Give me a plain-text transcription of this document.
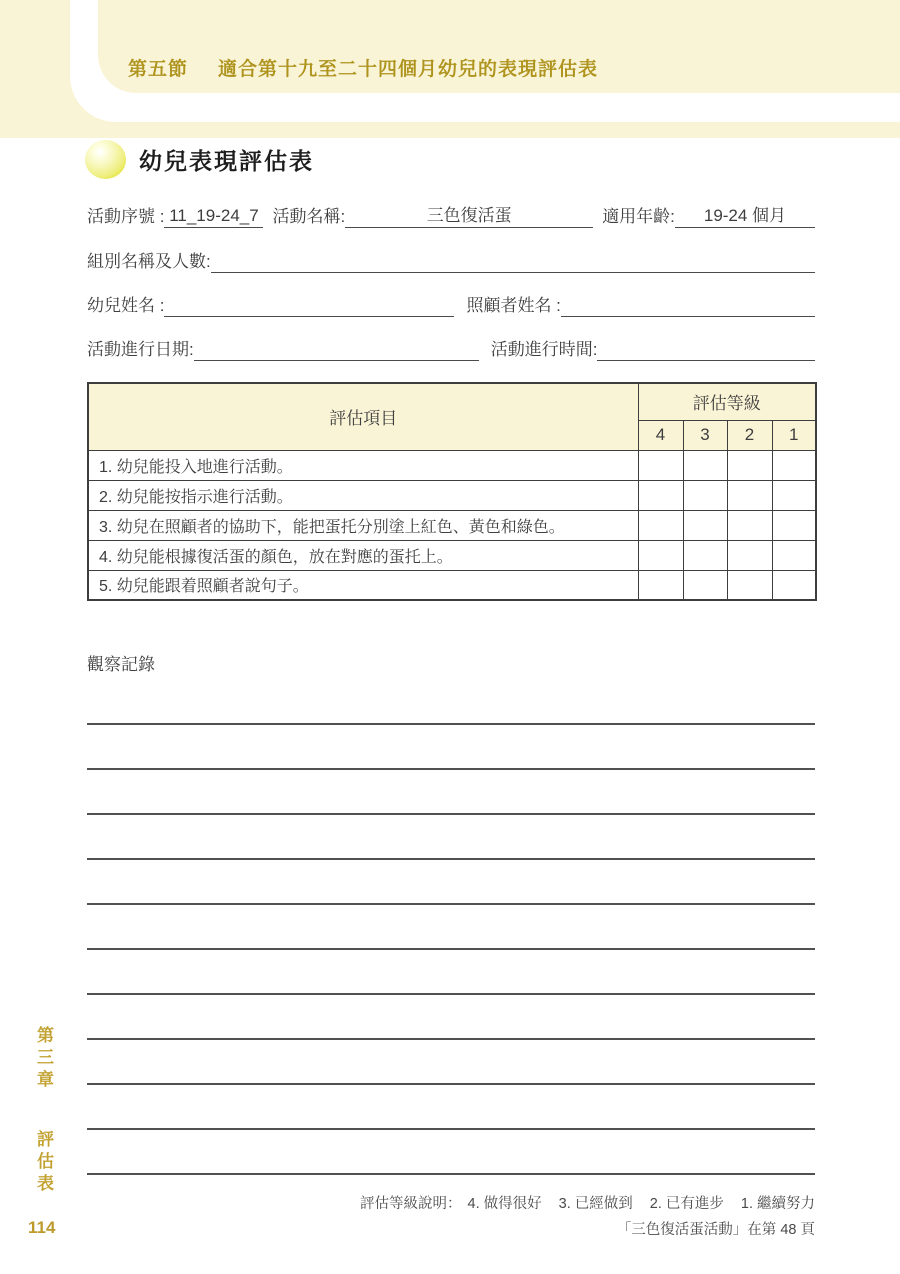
第五節 適合第十九至二十四個月幼兒的表現評估表
幼兒表現評估表
活動序號 : 11_19-24_7 活動名稱:	三色復活蛋	適用年齡:	19-24 個月
組別名稱及人數:
幼兒姓名 :	照顧者姓名 :
活動進行日期:	活動進行時間:
評估項目	評估等級			
	4	3	2	1
1. 幼兒能投入地進行活動。				
2. 幼兒能按指示進行活動。				
3. 幼兒在照顧者的協助下，能把蛋托分別塗上紅色、黃色和綠色。				
4. 幼兒能根據復活蛋的顏色，放在對應的蛋托上。				
5. 幼兒能跟着照顧者說句子。				
觀察記錄
評估等級說明： 4. 做得很好 3. 已經做到 2. 已有進步 1. 繼續努力
「三色復活蛋活動」在第 48 頁
第三章 評估表
114
